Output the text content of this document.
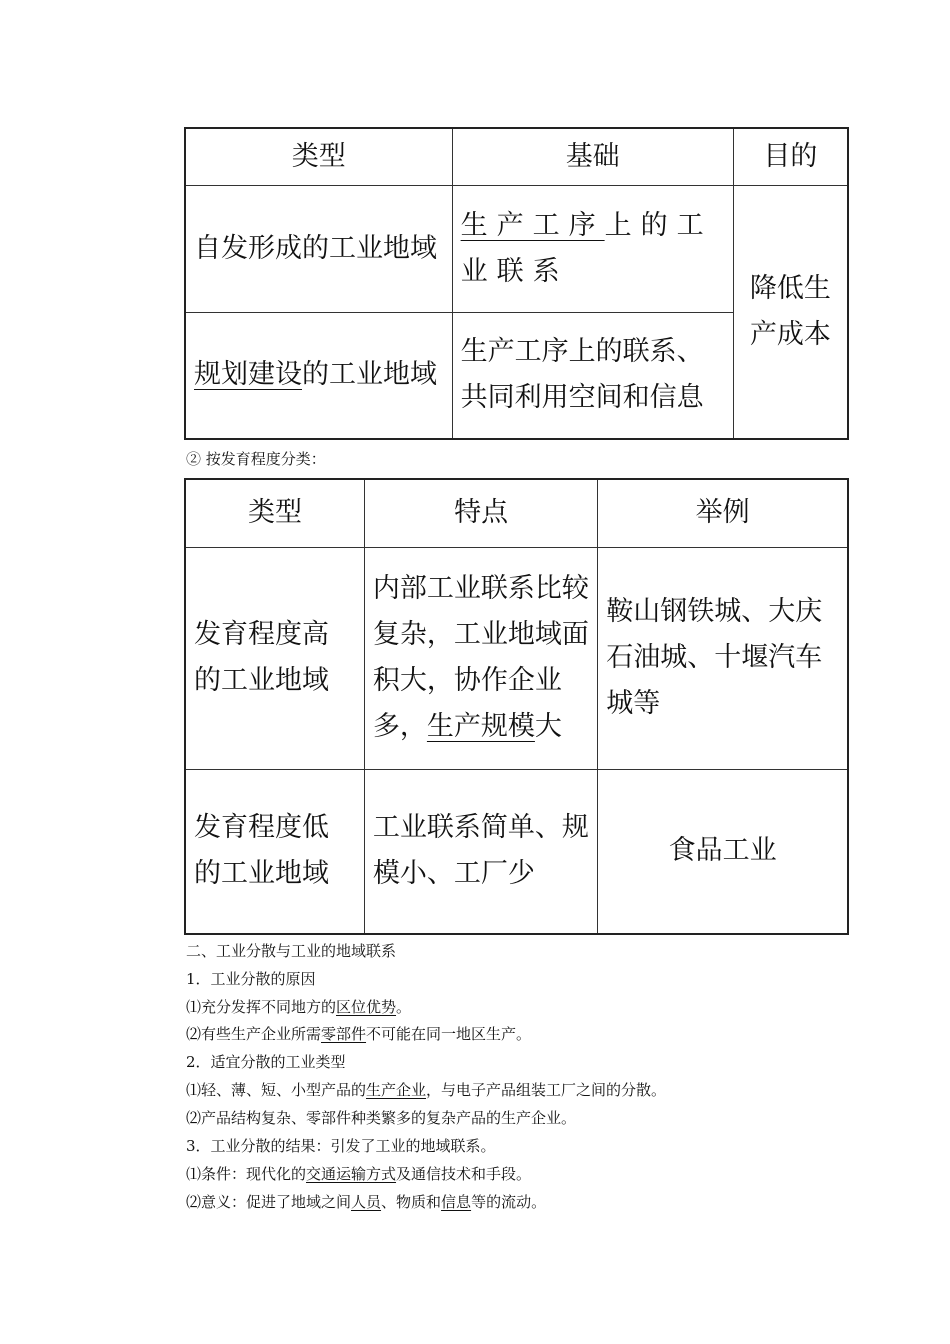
类型	基础	目的
自发形成的工业地域	生产工序上的工业联系	降低生产成本
规划建设的工业地域	生产工序上的联系、共同利用空间和信息	
② 按发育程度分类：
类型	特点	举例
发育程度高的工业地域	内部工业联系比较复杂，工业地域面积大，协作企业多，生产规模大	鞍山钢铁城、大庆石油城、十堰汽车城等
发育程度低的工业地域	工业联系简单、规模小、工厂少	食品工业
二、工业分散与工业的地域联系
1．工业分散的原因
⑴充分发挥不同地方的区位优势。
⑵有些生产企业所需零部件不可能在同一地区生产。
2．适宜分散的工业类型
⑴轻、薄、短、小型产品的生产企业，与电子产品组装工厂之间的分散。
⑵产品结构复杂、零部件种类繁多的复杂产品的生产企业。
3．工业分散的结果：引发了工业的地域联系。
⑴条件：现代化的交通运输方式及通信技术和手段。
⑵意义：促进了地域之间人员、物质和信息等的流动。
